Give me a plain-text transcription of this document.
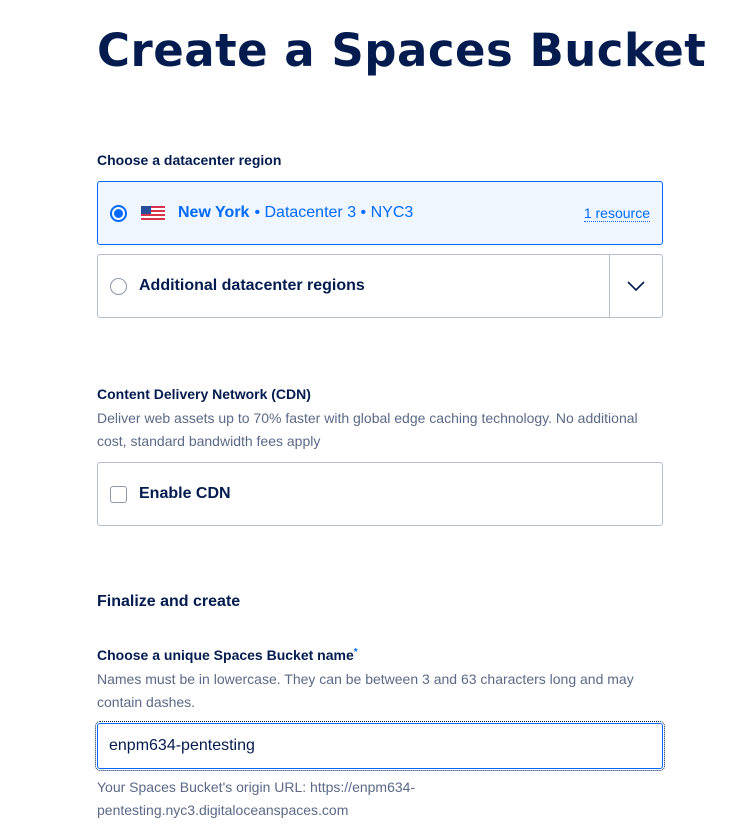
Create a Spaces Bucket
Choose a datacenter region
New York • Datacenter 3 • NYC3	1 resource
Additional datacenter regions
Content Delivery Network (CDN)
Deliver web assets up to 70% faster with global edge caching technology. No additional cost, standard bandwidth fees apply
Enable CDN
Finalize and create
Choose a unique Spaces Bucket name*
Names must be in lowercase. They can be between 3 and 63 characters long and may contain dashes.
enpm634-pentesting
Your Spaces Bucket's origin URL: https://enpm634-pentesting.nyc3.digitaloceanspaces.com
